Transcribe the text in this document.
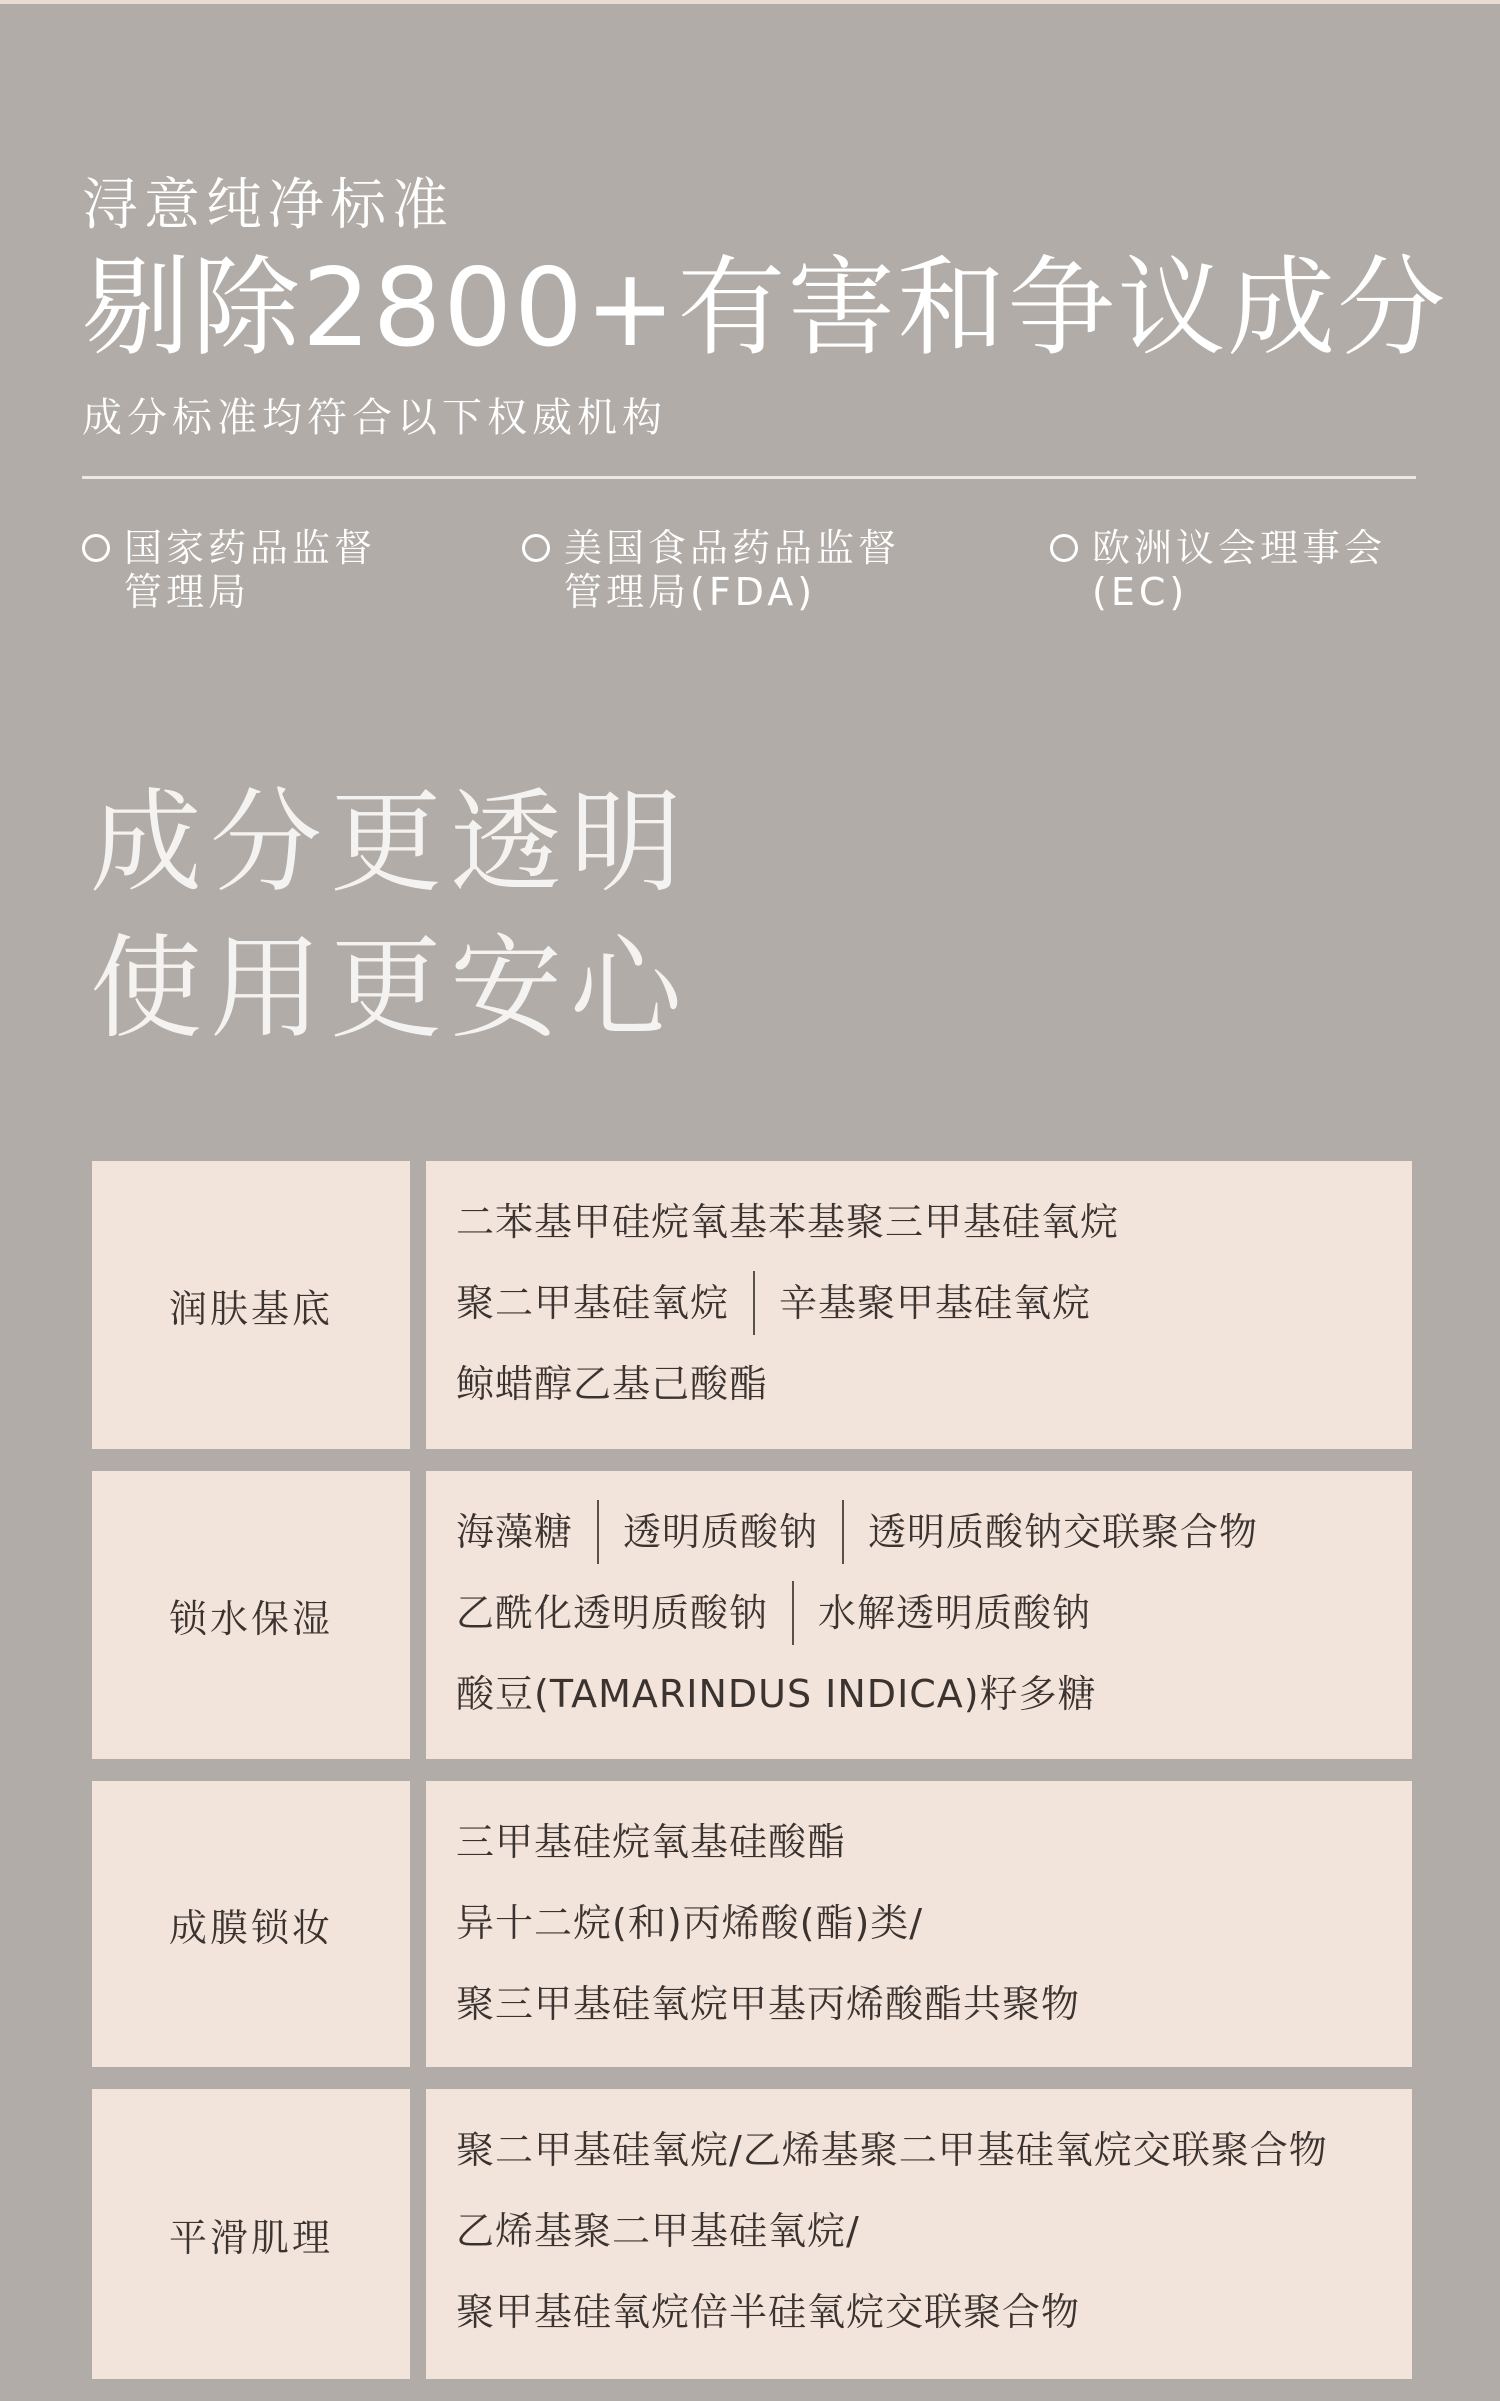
浔意纯净标准
剔除2800+有害和争议成分
成分标准均符合以下权威机构
国家药品监督
管理局
美国食品药品监督
管理局(FDA)
欧洲议会理事会
(EC)
成分更透明
使用更安心
润肤基底
二苯基甲硅烷氧基苯基聚三甲基硅氧烷
聚二甲基硅氧烷 辛基聚甲基硅氧烷
鲸蜡醇乙基己酸酯
锁水保湿
海藻糖 透明质酸钠 透明质酸钠交联聚合物
乙酰化透明质酸钠 水解透明质酸钠
酸豆(TAMARINDUS INDICA)籽多糖
成膜锁妆
三甲基硅烷氧基硅酸酯
异十二烷(和)丙烯酸(酯)类/
聚三甲基硅氧烷甲基丙烯酸酯共聚物
平滑肌理
聚二甲基硅氧烷/乙烯基聚二甲基硅氧烷交联聚合物
乙烯基聚二甲基硅氧烷/
聚甲基硅氧烷倍半硅氧烷交联聚合物
